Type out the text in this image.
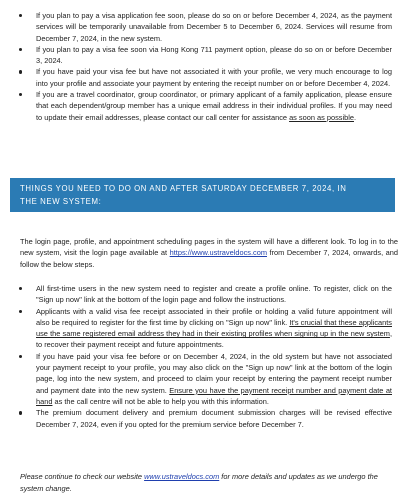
If you plan to pay a visa application fee soon, please do so on or before December 4, 2024, as the payment services will be temporarily unavailable from December 5 to December 6, 2024. Services will resume from December 7, 2024, in the new system.
If you plan to pay a visa fee soon via Hong Kong 711 payment option, please do so on or before December 3, 2024.
If you have paid your visa fee but have not associated it with your profile, we very much encourage to log into your profile and associate your payment by entering the receipt number on or before December 4, 2024.
If you are a travel coordinator, group coordinator, or primary applicant of a family application, please ensure that each dependent/group member has a unique email address in their individual profiles. If you may need to update their email addresses, please contact our call center for assistance as soon as possible.
THINGS YOU NEED TO DO ON AND AFTER SATURDAY DECEMBER 7, 2024, IN
THE NEW SYSTEM:
The login page, profile, and appointment scheduling pages in the system will have a different look. To log in to the new system, visit the login page available at https://www.ustraveldocs.com from December 7, 2024, onwards, and follow the below steps.
All first-time users in the new system need to register and create a profile online. To register, click on the "Sign up now" link at the bottom of the login page and follow the instructions.
Applicants with a valid visa fee receipt associated in their profile or holding a valid future appointment will also be required to register for the first time by clicking on "Sign up now" link. It's crucial that these applicants use the same registered email address they had in their existing profiles when signing up in the new system, to recover their payment receipt and future appointments.
If you have paid your visa fee before or on December 4, 2024, in the old system but have not associated your payment receipt to your profile, you may also click on the "Sign up now" link at the bottom of the login page, log into the new system, and proceed to claim your receipt by entering the payment receipt number and payment date into the new system. Ensure you have the payment receipt number and payment date at hand as the call centre will not be able to help you with this information.
The premium document delivery and premium document submission charges will be revised effective December 7, 2024, even if you opted for the premium service before December 7.
Please continue to check our website www.ustraveldocs.com for more details and updates as we undergo the system change.
